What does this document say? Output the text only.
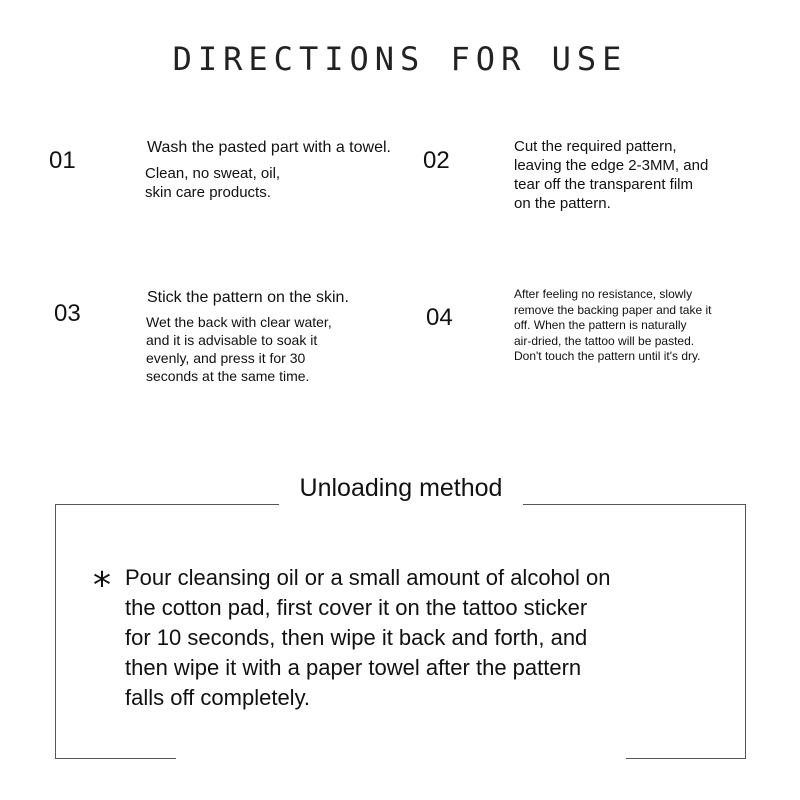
DIRECTIONS FOR USE
01	Wash the pasted part with a towel.
Clean, no sweat, oil,
skin care products.
02
Cut the required pattern,
leaving the edge 2-3MM, and
tear off the transparent film
on the pattern.
03
Stick the pattern on the skin.
Wet the back with clear water,
and it is advisable to soak it
evenly, and press it for 30
seconds at the same time.
04
After feeling no resistance, slowly
remove the backing paper and take it
off. When the pattern is naturally
air-dried, the tattoo will be pasted.
Don't touch the pattern until it's dry.
Unloading method
* Pour cleansing oil or a small amount of alcohol on
the cotton pad, first cover it on the tattoo sticker
for 10 seconds, then wipe it back and forth, and
then wipe it with a paper towel after the pattern
falls off completely.
